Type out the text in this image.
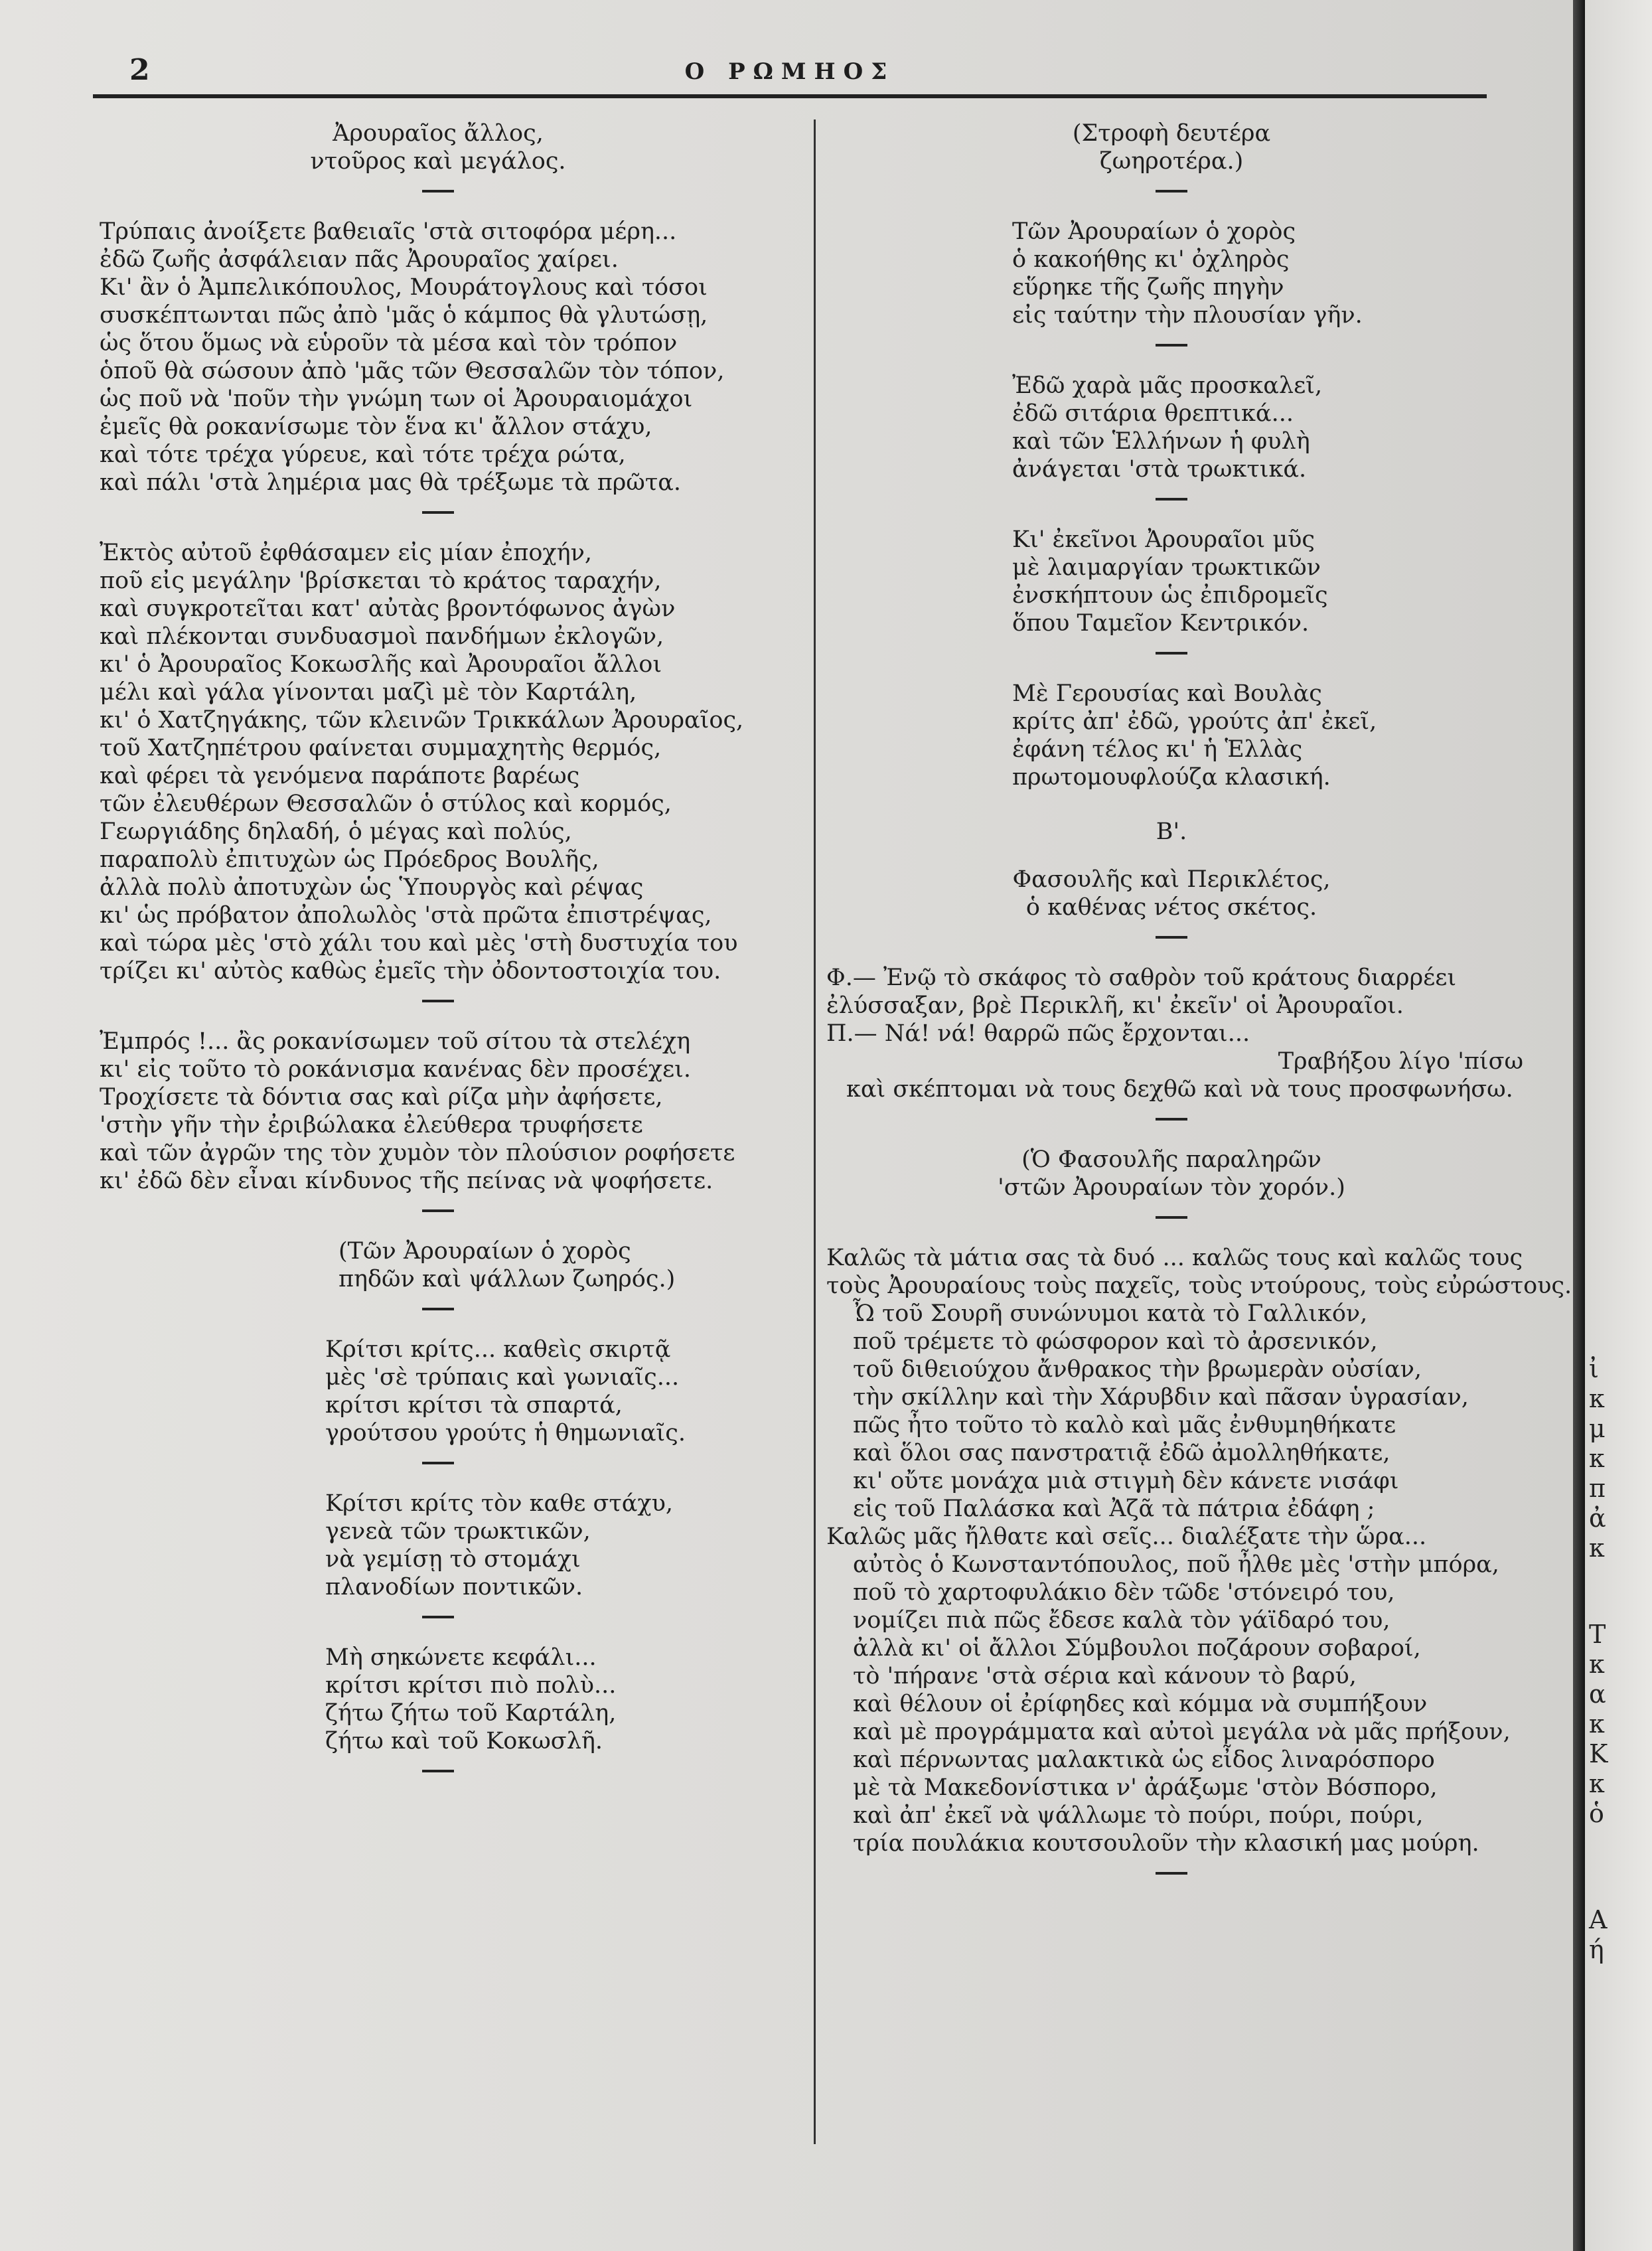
2	Ο ΡΩΜΗΟΣ
Ἀρουραῖος ἄλλος,
ντοῦρος καὶ μεγάλος.
Τρύπαις ἀνοίξετε βαθειαῖς 'στὰ σιτοφόρα μέρη...
ἐδῶ ζωῆς ἀσφάλειαν πᾶς Ἀρουραῖος χαίρει.
Κι' ἂν ὁ Ἀμπελικόπουλος, Μουράτογλους καὶ τόσοι
συσκέπτωνται πῶς ἀπὸ 'μᾶς ὁ κάμπος θὰ γλυτώσῃ,
ὡς ὅτου ὅμως νὰ εὑροῦν τὰ μέσα καὶ τὸν τρόπον
ὁποῦ θὰ σώσουν ἀπὸ 'μᾶς τῶν Θεσσαλῶν τὸν τόπον,
ὡς ποῦ νὰ 'ποῦν τὴν γνώμη των οἱ Ἀρουραιομάχοι
ἐμεῖς θὰ ροκανίσωμε τὸν ἕνα κι' ἄλλον στάχυ,
καὶ τότε τρέχα γύρευε, καὶ τότε τρέχα ρώτα,
καὶ πάλι 'στὰ λημέρια μας θὰ τρέξωμε τὰ πρῶτα.
Ἐκτὸς αὐτοῦ ἐφθάσαμεν εἰς μίαν ἐποχήν,
ποῦ εἰς μεγάλην 'βρίσκεται τὸ κράτος ταραχήν,
καὶ συγκροτεῖται κατ' αὐτὰς βροντόφωνος ἀγὼν
καὶ πλέκονται συνδυασμοὶ πανδήμων ἐκλογῶν,
κι' ὁ Ἀρουραῖος Κοκωσλῆς καὶ Ἀρουραῖοι ἄλλοι
μέλι καὶ γάλα γίνονται μαζὶ μὲ τὸν Καρτάλη,
κι' ὁ Χατζηγάκης, τῶν κλεινῶν Τρικκάλων Ἀρουραῖος,
τοῦ Χατζηπέτρου φαίνεται συμμαχητὴς θερμός,
καὶ φέρει τὰ γενόμενα παράποτε βαρέως
τῶν ἐλευθέρων Θεσσαλῶν ὁ στύλος καὶ κορμός,
Γεωργιάδης δηλαδή, ὁ μέγας καὶ πολύς,
παραπολὺ ἐπιτυχὼν ὡς Πρόεδρος Βουλῆς,
ἀλλὰ πολὺ ἀποτυχὼν ὡς Ὑπουργὸς καὶ ρέψας
κι' ὡς πρόβατον ἀπολωλὸς 'στὰ πρῶτα ἐπιστρέψας,
καὶ τώρα μὲς 'στὸ χάλι του καὶ μὲς 'στὴ δυστυχία του
τρίζει κι' αὐτὸς καθὼς ἐμεῖς τὴν ὀδοντοστοιχία του.
Ἐμπρός !... ἂς ροκανίσωμεν τοῦ σίτου τὰ στελέχη
κι' εἰς τοῦτο τὸ ροκάνισμα κανένας δὲν προσέχει.
Τροχίσετε τὰ δόντια σας καὶ ρίζα μὴν ἀφήσετε,
'στὴν γῆν τὴν ἐριβώλακα ἐλεύθερα τρυφήσετε
καὶ τῶν ἀγρῶν της τὸν χυμὸν τὸν πλούσιον ροφήσετε
κι' ἐδῶ δὲν εἶναι κίνδυνος τῆς πείνας νὰ ψοφήσετε.
(Τῶν Ἀρουραίων ὁ χορὸς
πηδῶν καὶ ψάλλων ζωηρός.)
Κρίτσι κρίτς... καθεὶς σκιρτᾷ
μὲς 'σὲ τρύπαις καὶ γωνιαῖς...
κρίτσι κρίτσι τὰ σπαρτά,
γρούτσου γρούτς ἡ θημωνιαῖς.
Κρίτσι κρίτς τὸν καθε στάχυ,
γενεὰ τῶν τρωκτικῶν,
νὰ γεμίσῃ τὸ στομάχι
πλανοδίων ποντικῶν.
Μὴ σηκώνετε κεφάλι...
κρίτσι κρίτσι πιὸ πολὺ...
ζήτω ζήτω τοῦ Καρτάλη,
ζήτω καὶ τοῦ Κοκωσλῆ.
(Στροφὴ δευτέρα
ζωηροτέρα.)
Τῶν Ἀρουραίων ὁ χορὸς
ὁ κακοήθης κι' ὀχληρὸς
εὕρηκε τῆς ζωῆς πηγὴν
εἰς ταύτην τὴν πλουσίαν γῆν.
Ἐδῶ χαρὰ μᾶς προσκαλεῖ,
ἐδῶ σιτάρια θρεπτικά...
καὶ τῶν Ἑλλήνων ἡ φυλὴ
ἀνάγεται 'στὰ τρωκτικά.
Κι' ἐκεῖνοι Ἀρουραῖοι μῦς
μὲ λαιμαργίαν τρωκτικῶν
ἐνσκήπτουν ὡς ἐπιδρομεῖς
ὅπου Ταμεῖον Κεντρικόν.
Μὲ Γερουσίας καὶ Βουλὰς
κρίτς ἀπ' ἐδῶ, γρούτς ἀπ' ἐκεῖ,
ἐφάνη τέλος κι' ἡ Ἑλλὰς
πρωτομουφλούζα κλασική.
Β'.
Φασουλῆς καὶ Περικλέτος,
ὁ καθένας νέτος σκέτος.
Φ.— Ἐνῷ τὸ σκάφος τὸ σαθρὸν τοῦ κράτους διαρρέει
ἐλύσσαξαν, βρὲ Περικλῆ, κι' ἐκεῖν' οἱ Ἀρουραῖοι.
Π.— Νά! νά! θαρρῶ πῶς ἔρχονται...
Τραβήξου λίγο 'πίσω
καὶ σκέπτομαι νὰ τους δεχθῶ καὶ νὰ τους προσφωνήσω.
(Ὁ Φασουλῆς παραληρῶν
'στῶν Ἀρουραίων τὸν χορόν.)
Καλῶς τὰ μάτια σας τὰ δυό ... καλῶς τους καὶ καλῶς τους
τοὺς Ἀρουραίους τοὺς παχεῖς, τοὺς ντούρους, τοὺς εὐρώστους.
Ὦ τοῦ Σουρῆ συνώνυμοι κατὰ τὸ Γαλλικόν,
ποῦ τρέμετε τὸ φώσφορον καὶ τὸ ἀρσενικόν,
τοῦ διθειούχου ἄνθρακος τὴν βρωμερὰν οὐσίαν,
τὴν σκίλλην καὶ τὴν Χάρυβδιν καὶ πᾶσαν ὑγρασίαν,
πῶς ἦτο τοῦτο τὸ καλὸ καὶ μᾶς ἐνθυμηθήκατε
καὶ ὅλοι σας πανστρατιᾷ ἐδῶ ἀμολληθήκατε,
κι' οὔτε μονάχα μιὰ στιγμὴ δὲν κάνετε νισάφι
εἰς τοῦ Παλάσκα καὶ Ἀζᾶ τὰ πάτρια ἐδάφη ;
Καλῶς μᾶς ἤλθατε καὶ σεῖς... διαλέξατε τὴν ὥρα...
αὐτὸς ὁ Κωνσταντόπουλος, ποῦ ἦλθε μὲς 'στὴν μπόρα,
ποῦ τὸ χαρτοφυλάκιο δὲν τῶδε 'στόνειρό του,
νομίζει πιὰ πῶς ἔδεσε καλὰ τὸν γάϊδαρό του,
ἀλλὰ κι' οἱ ἄλλοι Σύμβουλοι ποζάρουν σοβαροί,
τὸ 'πήρανε 'στὰ σέρια καὶ κάνουν τὸ βαρύ,
καὶ θέλουν οἱ ἐρίφηδες καὶ κόμμα νὰ συμπήξουν
καὶ μὲ προγράμματα καὶ αὐτοὶ μεγάλα νὰ μᾶς πρήξουν,
καὶ πέρνωντας μαλακτικὰ ὡς εἶδος λιναρόσπορο
μὲ τὰ Μακεδονίστικα ν' ἀράξωμε 'στὸν Βόσπορο,
καὶ ἀπ' ἐκεῖ νὰ ψάλλωμε τὸ πούρι, πούρι, πούρι,
τρία πουλάκια κουτσουλοῦν τὴν κλασική μας μούρη.
ἰ
κ
μ
κ
π
ἀ
κ
Τ
κ
α
κ
Κ
κ
ὁ
Α
ή
